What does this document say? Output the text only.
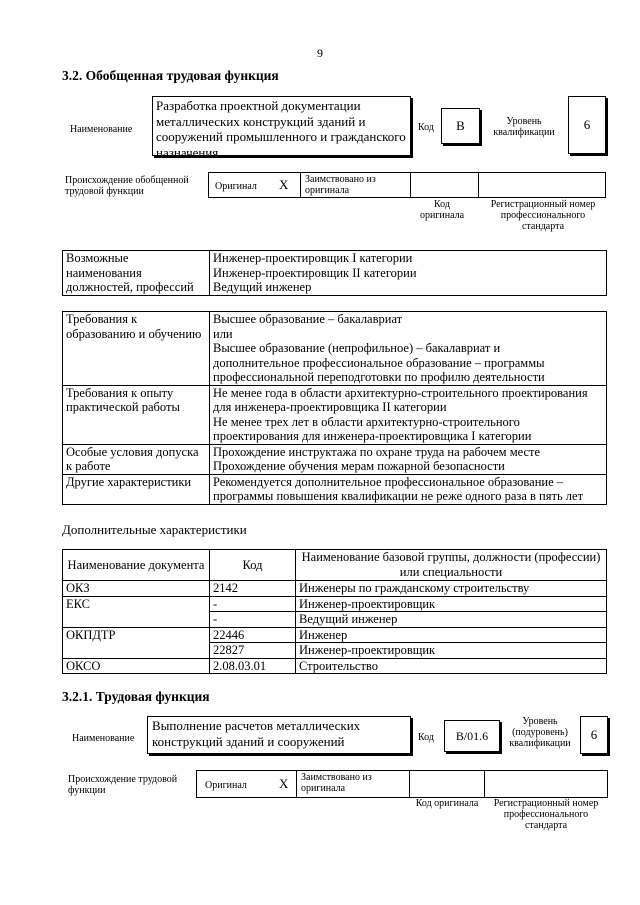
9
3.2. Обобщенная трудовая функция
Наименование
Разработка проектной документации металлических конструкций зданий и сооружений промышленного и гражданского назначения
Код	B	Уровень квалификации
6
Происхождение обобщенной трудовой функции	Оригинал X Заимствовано из оригинала
Код оригинала
Регистрационный номер профессионального стандарта
Возможные наименования должностей, профессий	
Инженер-проектировщик I категории
Инженер-проектировщик II категории
Ведущий инженер
Требования к образованию и обучению	Высшее образование – бакалавриат
или
Высшее образование (непрофильное) – бакалавриат и
дополнительное профессиональное образование – программы
профессиональной переподготовки по профилю деятельности

Требования к опыту практической работы	Не менее года в области архитектурно-строительного проектирования
для инженера-проектировщика II категории
Не менее трех лет в области архитектурно-строительного
проектирования для инженера-проектировщика I категории

Особые условия допуска к работе	Прохождение инструктажа по охране труда на рабочем месте
Прохождение обучения мерам пожарной безопасности

Другие характеристики	Рекомендуется дополнительное профессиональное образование –
программы повышения квалификации не реже одного раза в пять лет
Дополнительные характеристики
Наименование документа	Код	Наименование базовой группы, должности (профессии) или специальности
ОКЗ	2142	Инженеры по гражданскому строительству
ЕКС	-	Инженер-проектировщик
	-	Ведущий инженер
ОКПДТР	22446	Инженер
	22827	Инженер-проектировщик
ОКСО	2.08.03.01	Строительство
3.2.1. Трудовая функция
Наименование
Выполнение расчетов металлических конструкций зданий и сооружений	Код	B/01.6
Уровень (подуровень) квалификации
6
Происхождение трудовой функции	Оригинал X Заимствовано из оригинала
Код оригинала	Регистрационный номер профессионального стандарта
